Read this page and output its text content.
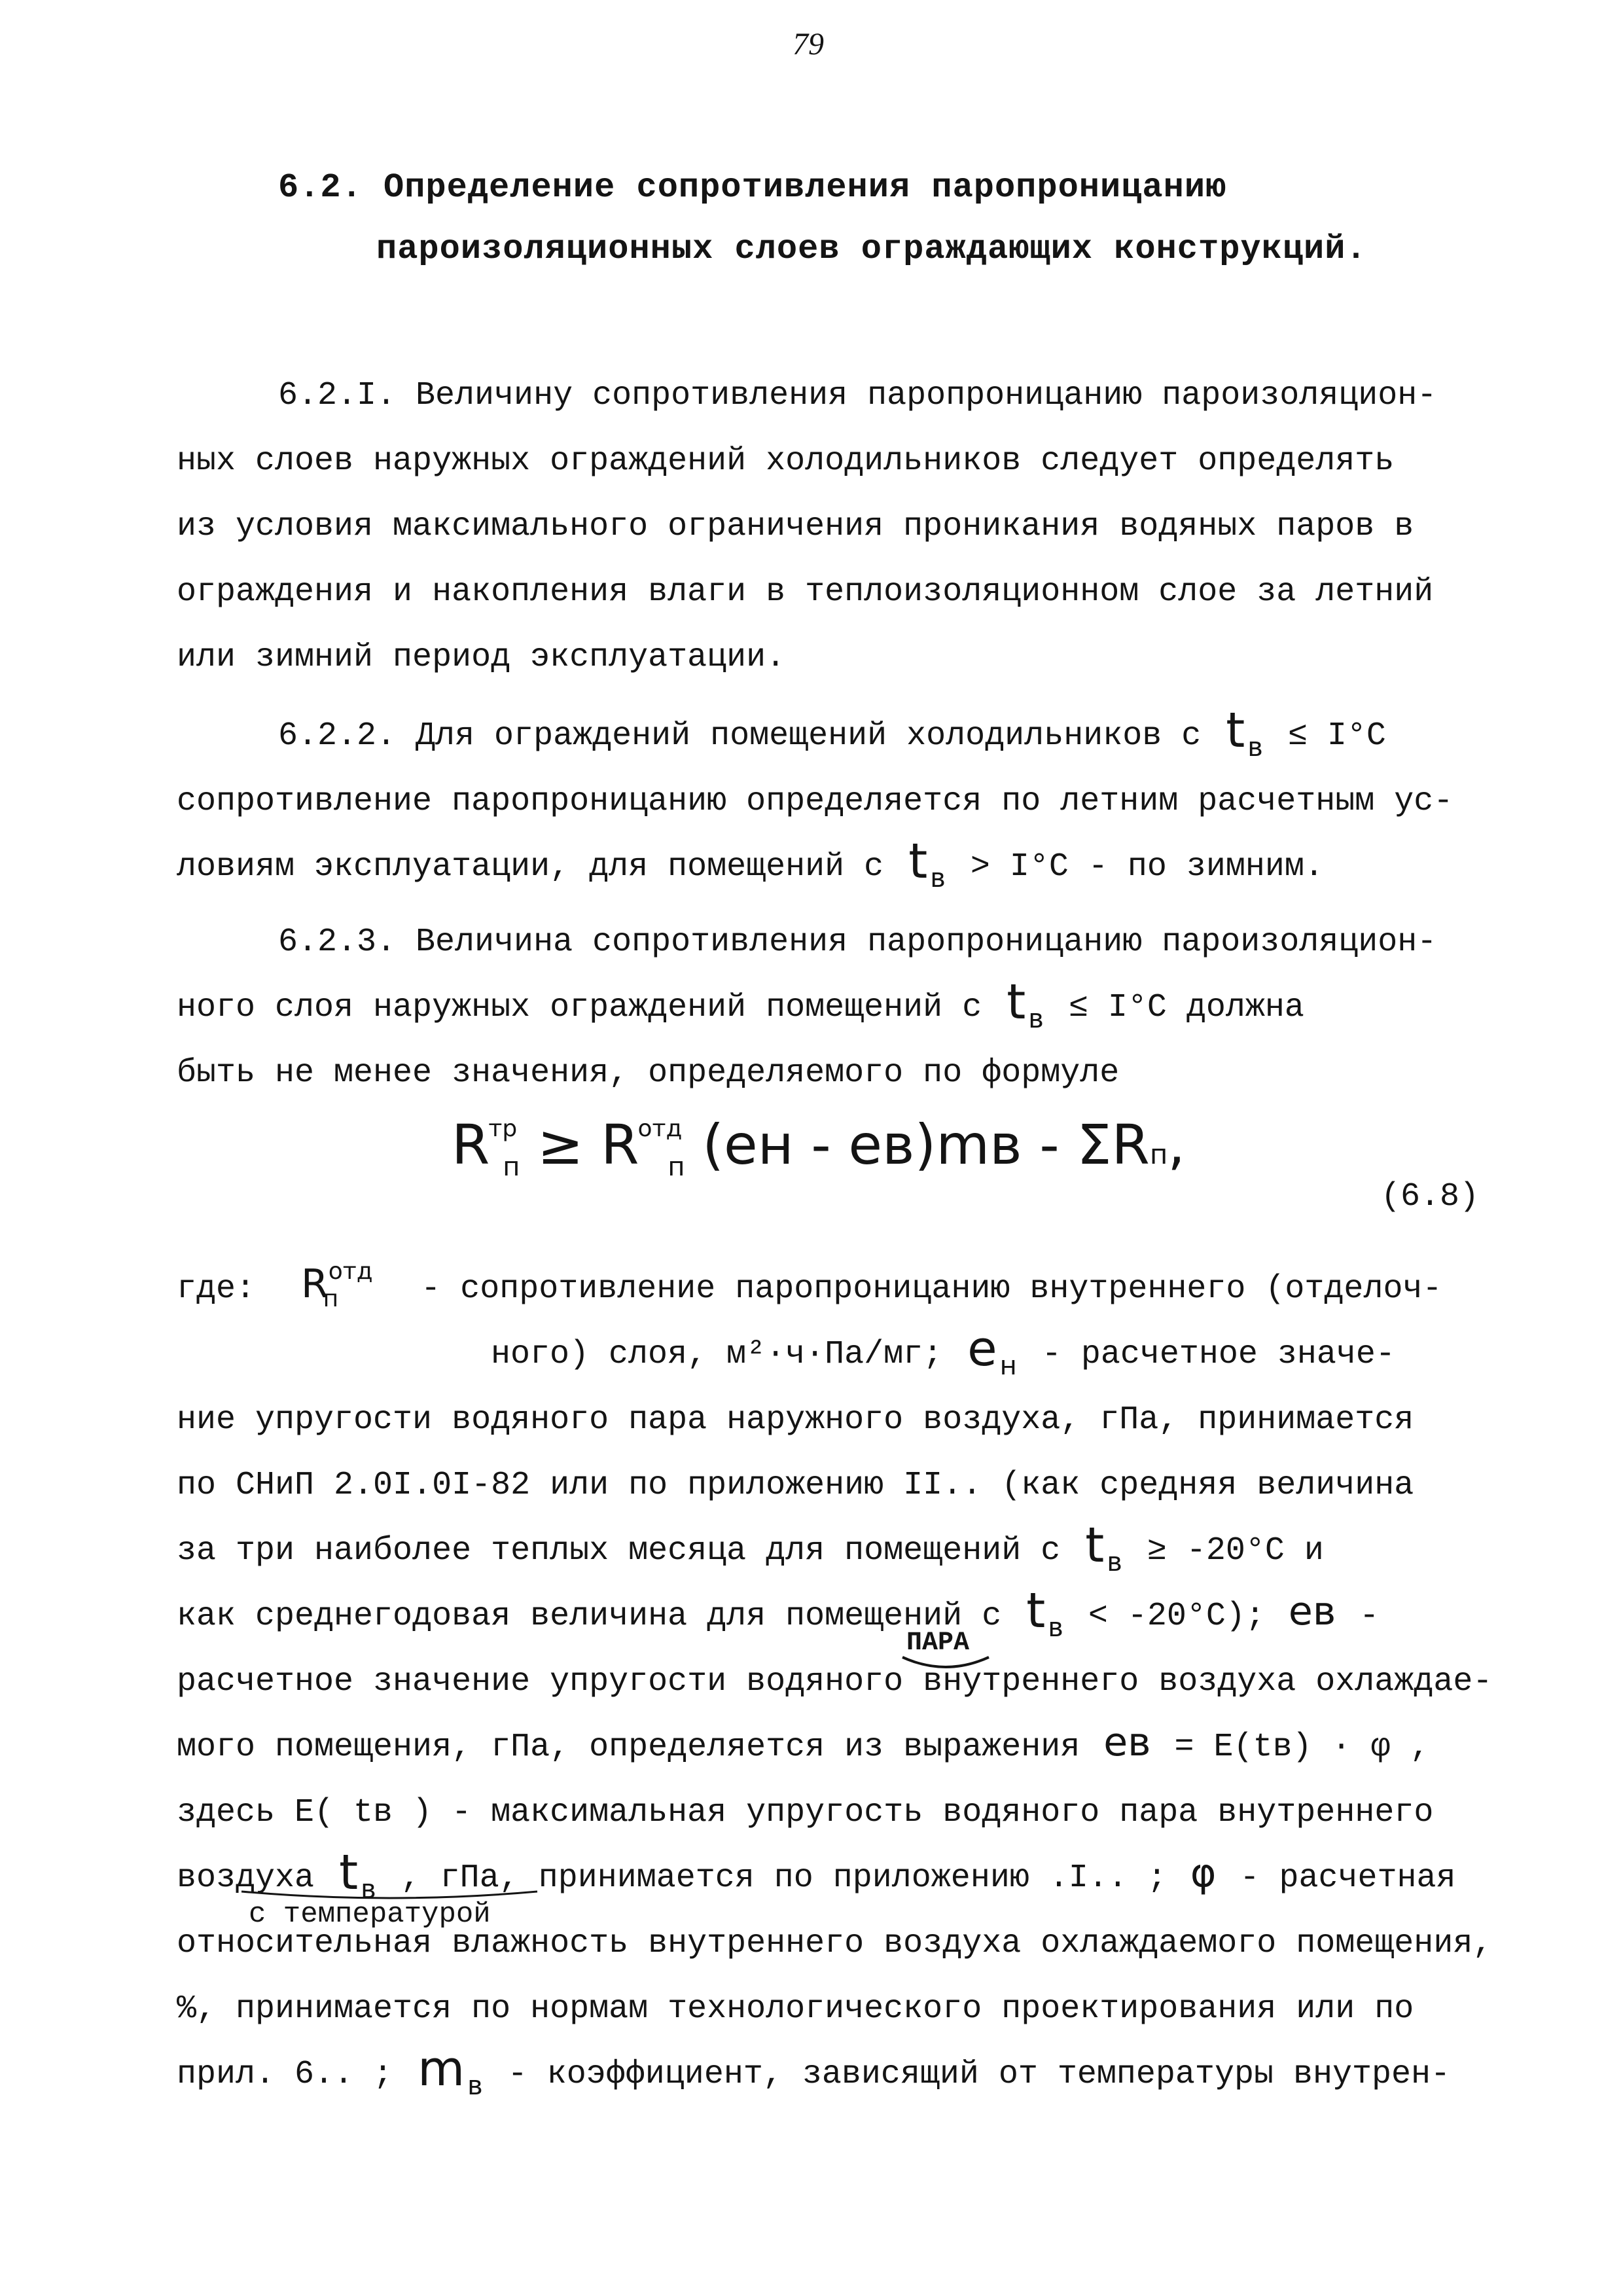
79
6.2. Определение сопротивления паропроницанию
пароизоляционных слоев ограждающих конструкций.
6.2.I. Величину сопротивления паропроницанию пароизоляцион-
ных слоев наружных ограждений холодильников следует определять
из условия максимального ограничения проникания водяных паров в
ограждения и накопления влаги в теплоизоляционном слое за летний
или зимний период эксплуатации.
6.2.2. Для ограждений помещений холодильников с t $_в$ ≤ I°C
сопротивление паропроницанию определяется по летним расчетным ус-
ловиям эксплуатации, для помещений с t $_в$ > I°C - по зимним.
6.2.3. Величина сопротивления паропроницанию пароизоляцион-
ного слоя наружных ограждений помещений с t $_в$ ≤ I°C должна
быть не менее значения, определяемого по формуле
$R^{тр}_п \ge R^{отд}_п$ (eн - eв)mв - ΣRп,
(6.8)
где: $R^{отд}_п$	- сопротивление паропроницанию внутреннего (отделоч-
ного) слоя, м²·ч·Па/мг; e $_н$ - расчетное значе-
ние упругости водяного пара наружного воздуха, гПа, принимается
по СНиП 2.0I.0I-82 или по приложению II.. (как средняя величина
за три наиболее теплых месяца для помещений с t $_в$ ≥ -20°C и
как среднегодовая величина для помещений с t $_в$ < -20°C); eв -
расчетное значение упругости водяного внутреннего воздуха охлаждае-
мого помещения, гПа, определяется из выражения eв = E(tв) · φ ,
здесь E( tв ) - максимальная упругость водяного пара внутреннего
воздуха t $_в$ , гПа, принимается по приложению .I.. ; φ - расчетная
относительная влажность внутреннего воздуха охлаждаемого помещения,
%, принимается по нормам технологического проектирования или по
прил. 6.. ; m $_в$ - коэффициент, зависящий от температуры внутрен-
ПАРА
с температурой
